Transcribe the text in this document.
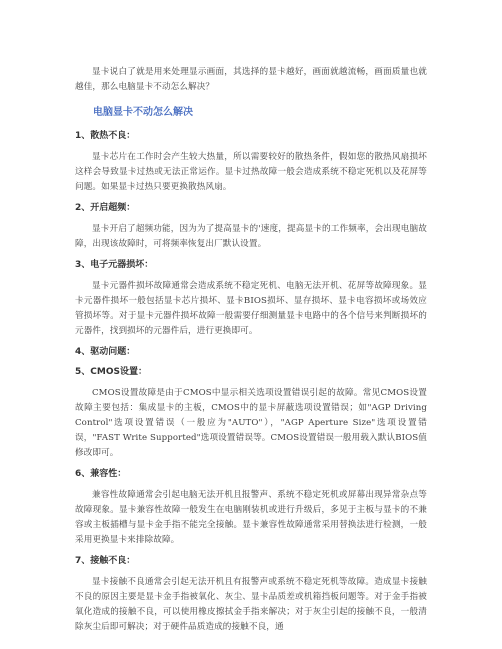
显卡说白了就是用来处理显示画面，其选择的显卡越好，画面就越流畅，画面质量也就越佳，那么电脑显卡不动怎么解决？

电脑显卡不动怎么解决
1、散热不良：

显卡芯片在工作时会产生较大热量，所以需要较好的散热条件，假如您的散热风扇损坏这样会导致显卡过热或无法正常运作。显卡过热故障一般会造成系统不稳定死机以及花屏等问题。如果显卡过热只要更换散热风扇。

2、开启超频：

显卡开启了超频功能，因为为了提高显卡的'速度，提高显卡的工作频率，会出现电脑故障，出现该故障时，可将频率恢复出厂默认设置。

3、电子元器损坏：

显卡元器件损坏故障通常会造成系统不稳定死机、电脑无法开机、花屏等故障现象。显卡元器件损坏一般包括显卡芯片损坏、显卡BIOS损坏、显存损坏、显卡电容损坏或场效应管损坏等。对于显卡元器件损坏故障一般需要仔细测量显卡电路中的各个信号来判断损坏的元器件，找到损坏的元器件后，进行更换即可。

4、驱动问题：
5、CMOS设置：

CMOS设置故障是由于CMOS中显示相关选项设置错误引起的故障。常见CMOS设置故障主要包括：集成显卡的主板，CMOS中的显卡屏蔽选项设置错误；如"AGP Driving Control"选项设置错误（一般应为"AUTO"），"AGP Aperture Size"选项设置错误，"FAST Write Supported"选项设置错误等。CMOS设置错误一般用载入默认BIOS值修改即可。

6、兼容性：

兼容性故障通常会引起电脑无法开机且报警声、系统不稳定死机或屏幕出现异常杂点等故障现象。显卡兼容性故障一般发生在电脑刚装机或进行升级后，多见于主板与显卡的不兼容或主板插槽与显卡金手指不能完全接触。显卡兼容性故障通常采用替换法进行检测，一般采用更换显卡来排除故障。

7、接触不良：

显卡接触不良通常会引起无法开机且有报警声或系统不稳定死机等故障。造成显卡接触不良的原因主要是显卡金手指被氧化、灰尘、显卡品质差或机箱挡板问题等。对于金手指被氧化造成的接触不良，可以使用橡皮擦拭金手指来解决；对于灰尘引起的接触不良，一般清除灰尘后即可解决；对于硬件品质造成的接触不良，通
